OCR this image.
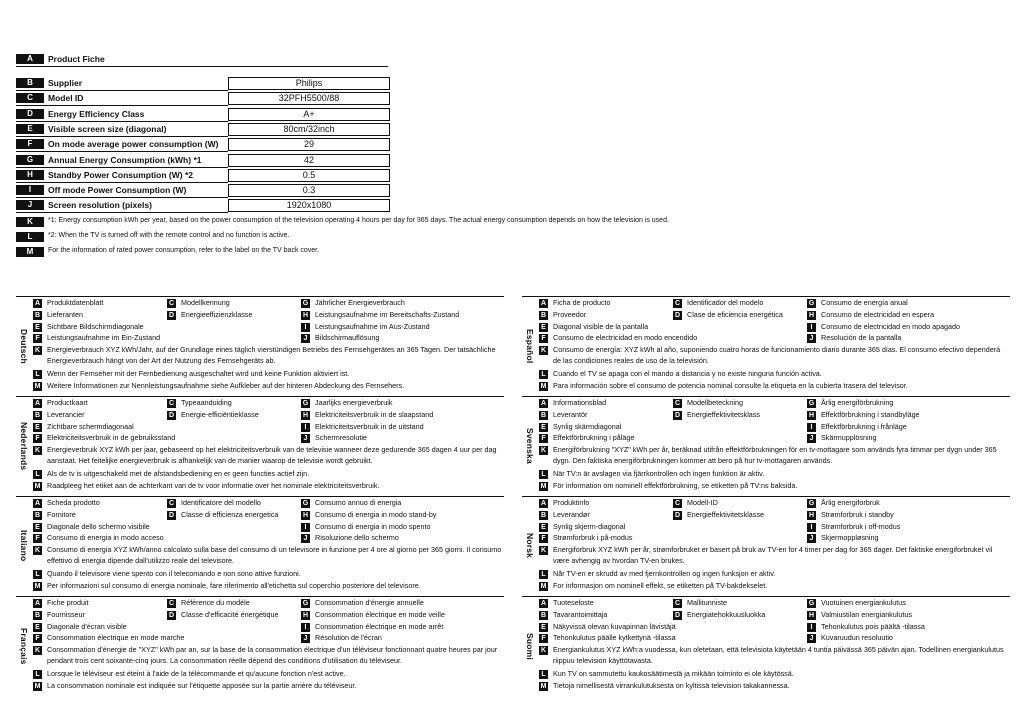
A	Product Fiche
B	Supplier	Philips
C	Model ID	32PFH5500/88
D	Energy Efficiency Class	A+
E	Visible screen size (diagonal)	80cm/32inch
F	On mode average power consumption (W)	29
G	Annual Energy Consumption (kWh) *1	42
H	Standby Power Consumption (W) *2	0.5
I	Off mode Power Consumption (W)	0.3
J	Screen resolution (pixels)	1920x1080
K	*1: Energy consumption kWh per year, based on the power consumption of the television operating 4 hours per day for 365 days. The actual energy consumption depends on how the television is used.
L	*2: When the TV is turned off with the remote control and no function is active.
M	For the information of rated power consumption, refer to the label on the TV back cover.
Deutsch
A Produktdatenblatt	C Modellkennung	G Jährlicher Energieverbrauch
B Lieferanten	D Energieeffizienzklasse	H Leistungsaufnahme im Bereitschafts-Zustand
E Sichtbare Bildschirmdiagonale	I	Leistungsaufnahme im Aus-Zustand
F	Leistungsaufnahme im Ein-Zustand	J	Bildschirmauflösung
K Energieverbrauch XYZ kWh/Jahr, auf der Grundlage eines täglich vierstündigen Betriebs des Fernsehgerätes an 365 Tagen. Der tatsächliche Energieverbrauch hängt von der Art der Nutzung des Fernsehgeräts ab.
L	Wenn der Fernseher mit der Fernbedienung ausgeschaltet wird und keine Funktion aktiviert ist.
M Weitere Informationen zur Nennleistungsaufnahme siehe Aufkleber auf der hinteren Abdeckung des Fernsehers.
Nederlands
A Productkaart	C Typeaanduiding	G Jaarlijks energieverbruik
B Leverancier	D Energie-efficiëntieklasse	H Elektriciteitsverbruik in de slaapstand
E Zichtbare schermdiagonaal	I	Elektriciteitsverbruik in de uitstand
F	Elektriciteitsverbruik in de gebruiksstand	J	Schermresolutie
K Energieverbruik XYZ kWh per jaar, gebaseerd op het elektriciteitsverbruik van de televisie wanneer deze gedurende 365 dagen 4 uur per dag aanstaat. Het feitelijke energieverbruik is afhankelijk van de manier waarop de televisie wordt gebruikt.
L	Als de tv is uitgeschakeld met de afstandsbediening en er geen functies actief zijn.
M Raadpleeg het etiket aan de achterkant van de tv voor informatie over het nominale elektriciteitsverbruik.
Italiano
A Scheda prodotto	C Identificatore del modello	G Consumo annuo di energia
B Fornitore	D Classe di efficienza energetica	H Consumo di energia in modo stand-by
E Diagonale dello schermo visibile	I	Consumo di energia in modo spento
F	Consumo di energia in modo acceso	J	Risoluzione dello schermo
K Consumo di energia XYZ kWh/anno calcolato sulla base del consumo di un televisore in funzione per 4 ore al giorno per 365 giorni. Il consumo effettivo di energia dipende dall'utilizzo reale del televisore.
L	Quando il televisore viene spento con il telecomando e non sono attive funzioni.
M Per informazioni sul consumo di energia nominale, fare riferimento all'etichetta sul coperchio posteriore del televisore.
Français
A Fiche produit	C Référence du modèle	G Consommation d'énergie annuelle
B Fournisseur	D Classe d'efficacité énergétique	H Consommation électrique en mode veille
E Diagonale d'écran visible	I	Consommation électrique en mode arrêt
F	Consommation électrique en mode marche	J	Résolution de l'écran
K Consommation d'énergie de "XYZ" kWh par an, sur la base de la consommation électrique d'un téléviseur fonctionnant quatre heures par jour pendant trois cent soixante-cinq jours. La consommation réelle dépend des conditions d'utilisation du téléviseur.
L	Lorsque le téléviseur est éteint à l'aide de la télécommande et qu'aucune fonction n'est active.
M La consommation nominale est indiquée sur l'étiquette apposée sur la partie arrière du téléviseur.
Español
A Ficha de producto	C Identificador del modelo	G Consumo de energía anual
B Proveedor	D Clase de eficiencia energética	H Consumo de electricidad en espera
E Diagonal visible de la pantalla	I	Consumo de electricidad en modo apagado
F	Consumo de electricidad en modo encendido	J	Resolución de la pantalla
K Consumo de energía: XYZ kWh al año, suponiendo cuatro horas de funcionamiento diario durante 365 días. El consumo efectivo dependerá de las condiciones reales de uso de la televisión.
L	Cuando el TV se apaga con el mando a distancia y no existe ninguna función activa.
M Para información sobre el consumo de potencia nominal consulte la etiqueta en la cubierta trasera del televisor.
Svenska
A Informationsblad	C Modellbeteckning	G Årlig energiförbrukning
B Leverantör	D Energieffektivitetsklass	H Effektförbrukning i standbyläge
E Synlig skärmdiagonal	I	Effektförbrukning i frånläge
F	Effektförbrukning i påläge	J	Skärmupplösning
K Energiförbrukning "XYZ" kWh per år, beräknad utifrån effektförbrukningen för en tv-mottagare som används fyra timmar per dygn under 365 dygn. Den faktiska energiförbrukningen kommer att bero på hur tv-mottagaren används.
L	När TV:n är avslagen via fjärrkontrollen och ingen funktion är aktiv.
M För information om nominell effektförbrukning, se etiketten på TV:ns baksida.
Norsk
A Produktinfo	C Modell-ID	G Årlig energiforbruk
B Leverandør	D Energieffektivitetsklasse	H Strømforbruk i standby
E Synlig skjerm-diagonal	I	Strømforbruk i off-modus
F	Strømforbruk i på-modus	J	Skjermoppløsning
K Energiforbruk XYZ kWh per år, strømforbruket er basert på bruk av TV-en for 4 timer per dag for 365 dager. Det faktiske energiforbruket vil være avhengig av hvordan TV-en brukes.
L	Når TV-en er skrudd av med fjernkontrollen og ingen funksjon er aktiv.
M For informasjon om nominell effekt, se etiketten på TV-bakdekselet.
Suomi
A Tuoteseloste	C Mallitunniste	G Vuotuinen energiankulutus
B Tavarantoimittaja	D Energiatehokkuusluokka	H Valmiustilan energiankulutus
E Näkyvissä olevan kuvapinnan lävistäjä	I	Tehonkulutus pois päältä -tilassa
F	Tehonkulutus päälle kytkettynä -tilassa	J	Kuvaruudun resoluutio
K Energiankulutus XYZ kWh:a vuodessa, kun oletetaan, että televisiota käytetään 4 tuntia päivässä 365 päivän ajan. Todellinen energiankulutus riippuu television käyttötavasta.
L	Kun TV on sammutettu kaukosäätimestä ja mikään toiminto ei ole käytössä.
M Tietoja nimellisestä virrankulutuksesta on kyltissä television takakannessa.
